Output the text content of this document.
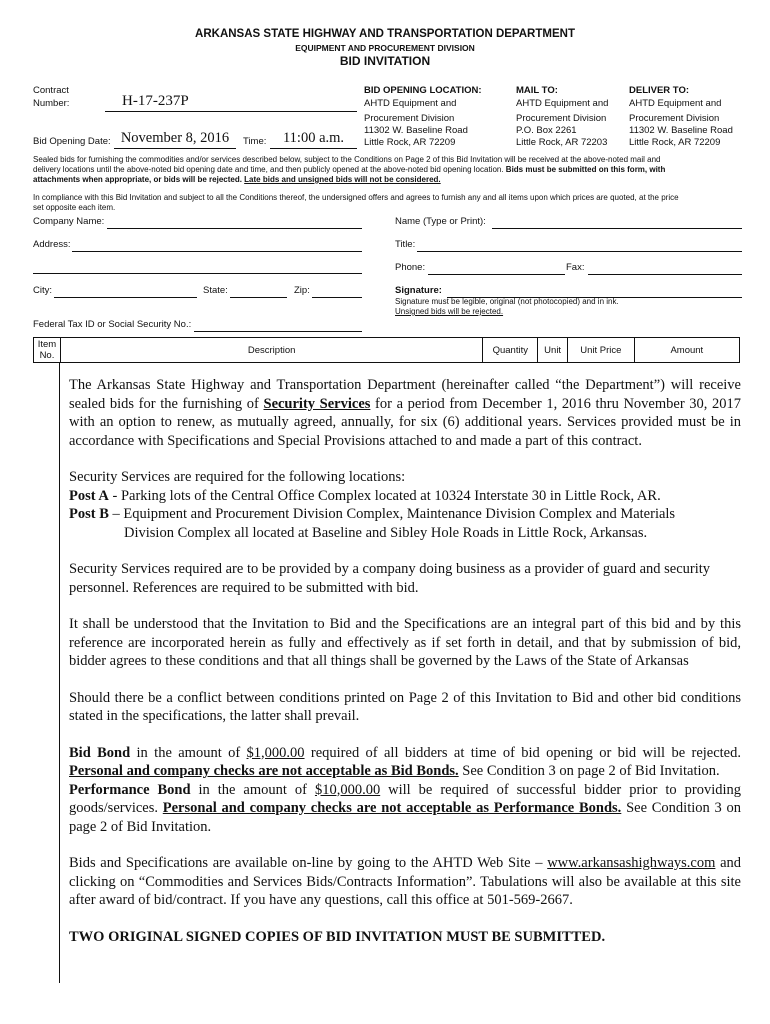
ARKANSAS STATE HIGHWAY AND TRANSPORTATION DEPARTMENT
EQUIPMENT AND PROCUREMENT DIVISION
BID INVITATION
Contract
Number:	H-17-237P
Bid Opening Date: November 8, 2016	Time:	11:00 a.m.
BID OPENING LOCATION:
AHTD Equipment and
Procurement Division
11302 W. Baseline Road
Little Rock, AR 72209
MAIL TO:
AHTD Equipment and
Procurement Division
P.O. Box 2261
Little Rock, AR 72203
DELIVER TO:
AHTD Equipment and
Procurement Division
11302 W. Baseline Road
Little Rock, AR 72209
Sealed bids for furnishing the commodities and/or services described below, subject to the Conditions on Page 2 of this Bid Invitation will be received at the above-noted mail and
delivery locations until the above-noted bid opening date and time, and then publicly opened at the above-noted bid opening location. Bids must be submitted on this form, with
attachments when appropriate, or bids will be rejected. Late bids and unsigned bids will not be considered.
In compliance with this Bid Invitation and subject to all the Conditions thereof, the undersigned offers and agrees to furnish any and all items upon which prices are quoted, at the price
set opposite each item.
Company Name:	Name (Type or Print):
Address:	Title:
Phone:	Fax:
City:	State:	Zip:	Signature:
Signature must be legible, original (not photocopied) and in ink.
Unsigned bids will be rejected.
Federal Tax ID or Social Security No.:
Item
No.	Description	Quantity	Unit	Unit Price	Amount

The Arkansas State Highway and Transportation Department (hereinafter called “the Department”) will receive sealed bids for the furnishing of Security Services for a period from December 1, 2016 thru November 30, 2017 with an option to renew, as mutually agreed, annually, for six (6) additional years. Services provided must be in accordance with Specifications and Special Provisions attached to and made a part of this contract.

Security Services are required for the following locations:

Post A - Parking lots of the Central Office Complex located at 10324 Interstate 30 in Little Rock, AR.

Post B – Equipment and Procurement Division Complex, Maintenance Division Complex and Materials

Division Complex all located at Baseline and Sibley Hole Roads in Little Rock, Arkansas.

Security Services required are to be provided by a company doing business as a provider of guard and security personnel. References are required to be submitted with bid.

It shall be understood that the Invitation to Bid and the Specifications are an integral part of this bid and by this reference are incorporated herein as fully and effectively as if set forth in detail, and that by submission of bid, bidder agrees to these conditions and that all things shall be governed by the Laws of the State of Arkansas

Should there be a conflict between conditions printed on Page 2 of this Invitation to Bid and other bid conditions stated in the specifications, the latter shall prevail.

Bid Bond in the amount of $1,000.00 required of all bidders at time of bid opening or bid will be rejected. Personal and company checks are not acceptable as Bid Bonds. See Condition 3 on page 2 of Bid Invitation.

Performance Bond in the amount of $10,000.00 will be required of successful bidder prior to providing goods/services. Personal and company checks are not acceptable as Performance Bonds. See Condition 3 on page 2 of Bid Invitation.

Bids and Specifications are available on-line by going to the AHTD Web Site – www.arkansashighways.com and clicking on “Commodities and Services Bids/Contracts Information”. Tabulations will also be available at this site after award of bid/contract. If you have any questions, call this office at 501-569-2667.

TWO ORIGINAL SIGNED COPIES OF BID INVITATION MUST BE SUBMITTED.
